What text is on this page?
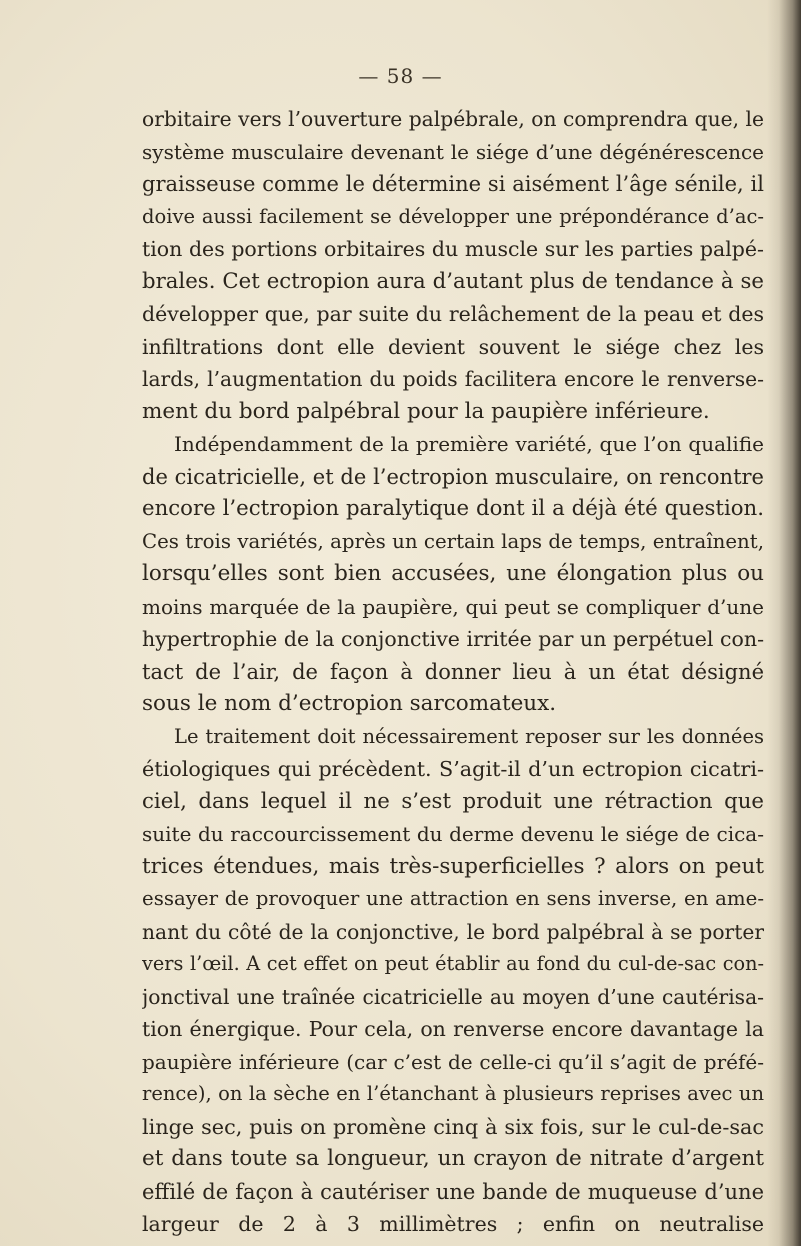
— 58 —
orbitaire vers l’ouverture palpébrale, on comprendra que, le
système musculaire devenant le siége d’une dégénérescence
graisseuse comme le détermine si aisément l’âge sénile, il
doive aussi facilement se développer une prépondérance d’ac-
tion des portions orbitaires du muscle sur les parties palpé-
brales. Cet ectropion aura d’autant plus de tendance à se
développer que, par suite du relâchement de la peau et des
infiltrations dont elle devient souvent le siége chez les
lards, l’augmentation du poids facilitera encore le renverse-
ment du bord palpébral pour la paupière inférieure.
Indépendamment de la première variété, que l’on qualifie
de cicatricielle, et de l’ectropion musculaire, on rencontre
encore l’ectropion paralytique dont il a déjà été question.
Ces trois variétés, après un certain laps de temps, entraînent,
lorsqu’elles sont bien accusées, une élongation plus ou
moins marquée de la paupière, qui peut se compliquer d’une
hypertrophie de la conjonctive irritée par un perpétuel con-
tact de l’air, de façon à donner lieu à un état désigné
sous le nom d’ectropion sarcomateux.
Le traitement doit nécessairement reposer sur les données
étiologiques qui précèdent. S’agit-il d’un ectropion cicatri-
ciel, dans lequel il ne s’est produit une rétraction que
suite du raccourcissement du derme devenu le siége de cica-
trices étendues, mais très-superficielles ? alors on peut
essayer de provoquer une attraction en sens inverse, en ame-
nant du côté de la conjonctive, le bord palpébral à se porter
vers l’œil. A cet effet on peut établir au fond du cul-de-sac con-
jonctival une traînée cicatricielle au moyen d’une cautérisa-
tion énergique. Pour cela, on renverse encore davantage la
paupière inférieure (car c’est de celle-ci qu’il s’agit de préfé-
rence), on la sèche en l’étanchant à plusieurs reprises avec un
linge sec, puis on promène cinq à six fois, sur le cul-de-sac
et dans toute sa longueur, un crayon de nitrate d’argent
effilé de façon à cautériser une bande de muqueuse d’une
largeur de 2 à 3 millimètres ; enfin on neutralise
